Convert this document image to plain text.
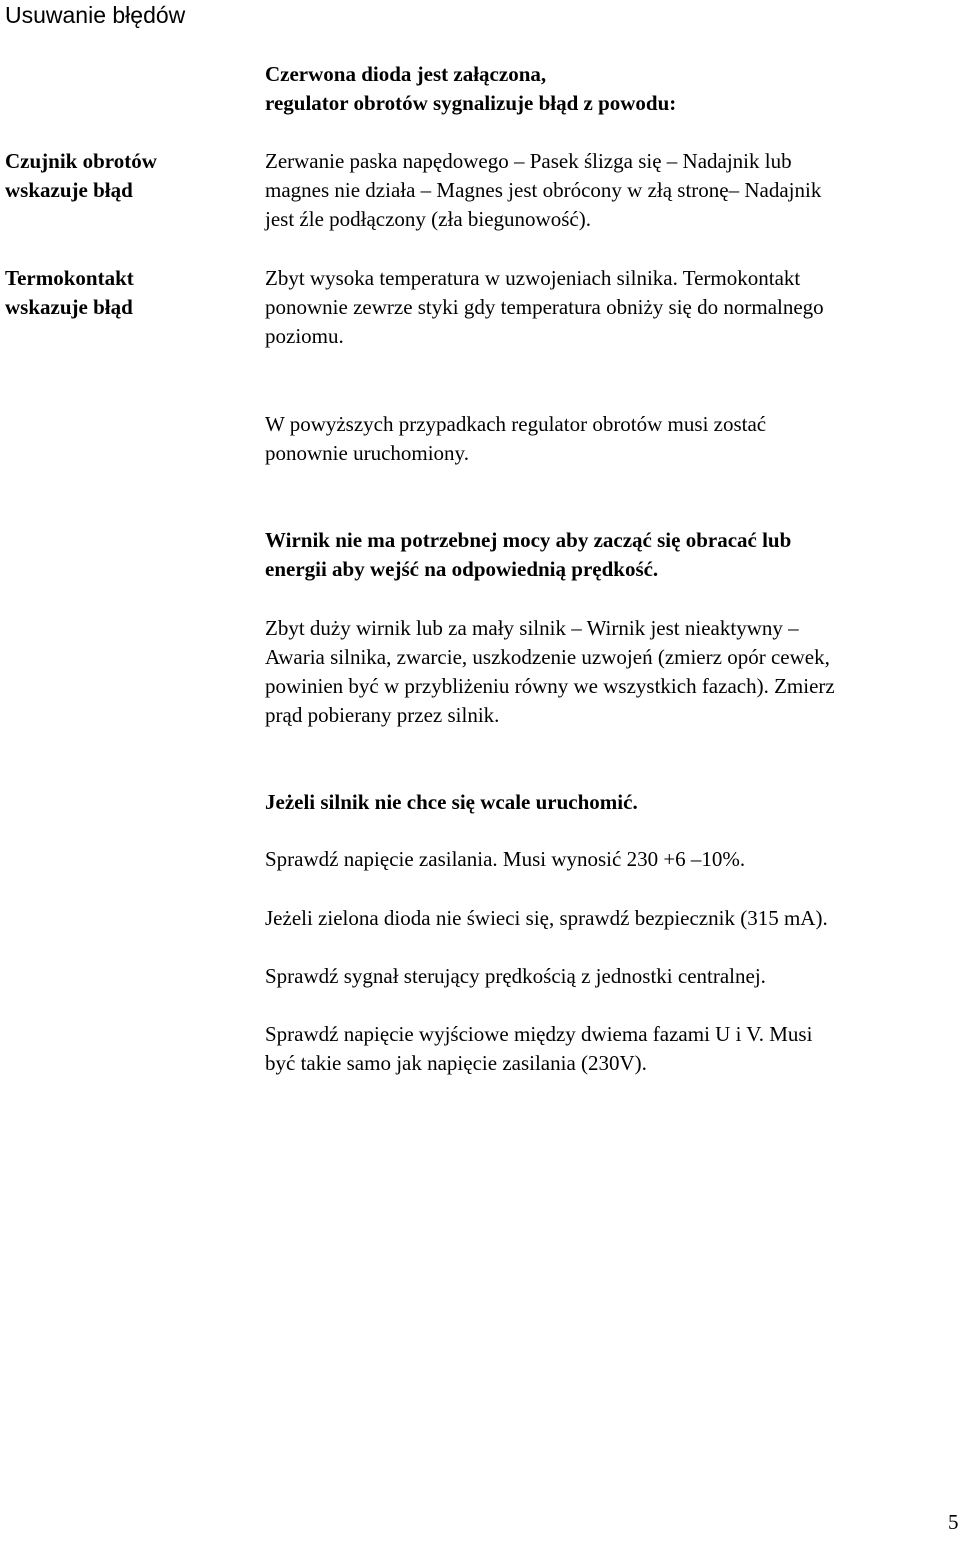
Usuwanie błędów
Czerwona dioda jest załączona,
regulator obrotów sygnalizuje błąd z powodu:
Czujnik obrotów
wskazuje błąd
Zerwanie paska napędowego – Pasek ślizga się – Nadajnik lub
magnes nie działa – Magnes jest obrócony w złą stronę– Nadajnik
jest źle podłączony (zła biegunowość).
Termokontakt
wskazuje błąd
Zbyt wysoka temperatura w uzwojeniach silnika. Termokontakt
ponownie zewrze styki gdy temperatura obniży się do normalnego
poziomu.
W powyższych przypadkach regulator obrotów musi zostać
ponownie uruchomiony.
Wirnik nie ma potrzebnej mocy aby zacząć się obracać lub
energii aby wejść na odpowiednią prędkość.
Zbyt duży wirnik lub za mały silnik – Wirnik jest nieaktywny –
Awaria silnika, zwarcie, uszkodzenie uzwojeń (zmierz opór cewek,
powinien być w przybliżeniu równy we wszystkich fazach). Zmierz
prąd pobierany przez silnik.
Jeżeli silnik nie chce się wcale uruchomić.
Sprawdź napięcie zasilania. Musi wynosić 230 +6 –10%.
Jeżeli zielona dioda nie świeci się, sprawdź bezpiecznik (315 mA).
Sprawdź sygnał sterujący prędkością z jednostki centralnej.
Sprawdź napięcie wyjściowe między dwiema fazami U i V. Musi
być takie samo jak napięcie zasilania (230V).
5
